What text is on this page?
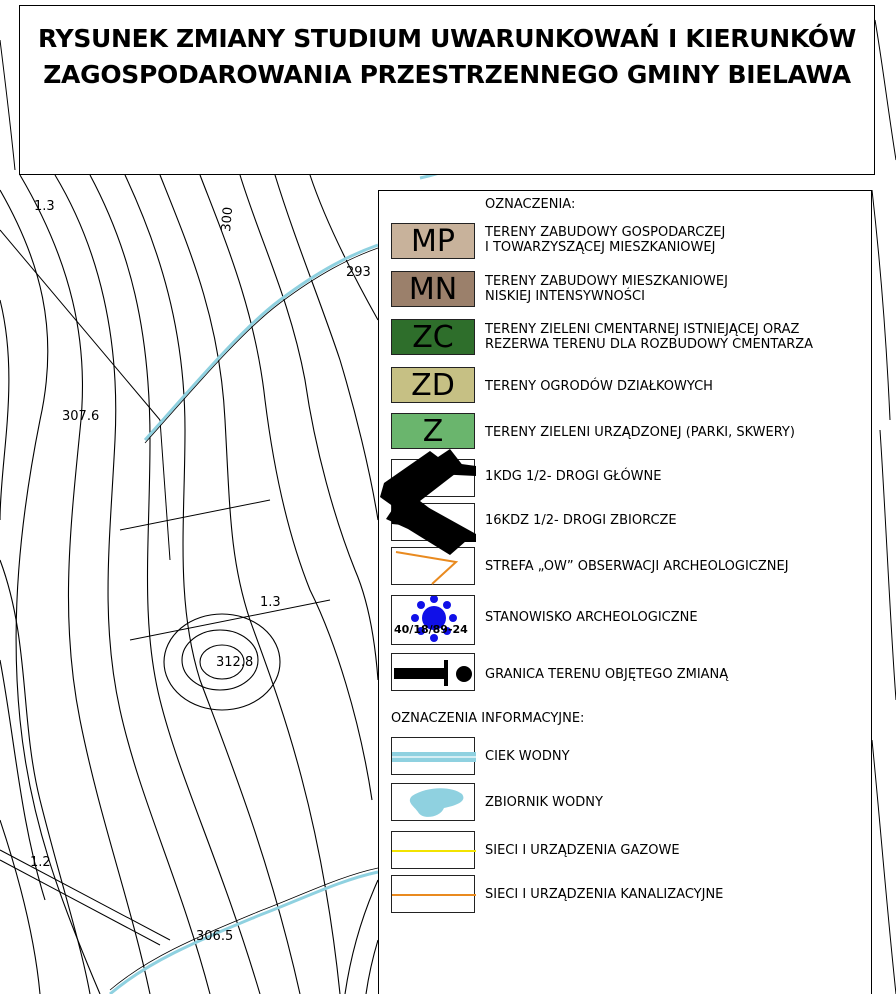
300
293
307.6
306.5
1.3
1.3
1.2
312.8
RYSUNEK ZMIANY STUDIUM UWARUNKOWAŃ I KIERUNKÓW
ZAGOSPODAROWANIA PRZESTRZENNEGO GMINY BIELAWA
OZNACZENIA:
MP TERENY ZABUDOWY GOSPODARCZEJ
I TOWARZYSZĄCEJ MIESZKANIOWEJ
MN TERENY ZABUDOWY MIESZKANIOWEJ
NISKIEJ INTENSYWNOŚCI
ZC TERENY ZIELENI CMENTARNEJ ISTNIEJĄCEJ ORAZ
REZERWA TERENU DLA ROZBUDOWY CMENTARZA
ZD TERENY OGRODÓW DZIAŁKOWYCH
Z	TERENY ZIELENI URZĄDZONEJ (PARKI, SKWERY)
1KDG 1/2- DROGI GŁÓWNE
16KDZ 1/2- DROGI ZBIORCZE
STREFA „OW” OBSERWACJI ARCHEOLOGICZNEJ
40/18/89-24
STANOWISKO ARCHEOLOGICZNE
GRANICA TERENU OBJĘTEGO ZMIANĄ
OZNACZENIA INFORMACYJNE:
CIEK WODNY
ZBIORNIK WODNY
SIECI I URZĄDZENIA GAZOWE
SIECI I URZĄDZENIA KANALIZACYJNE
